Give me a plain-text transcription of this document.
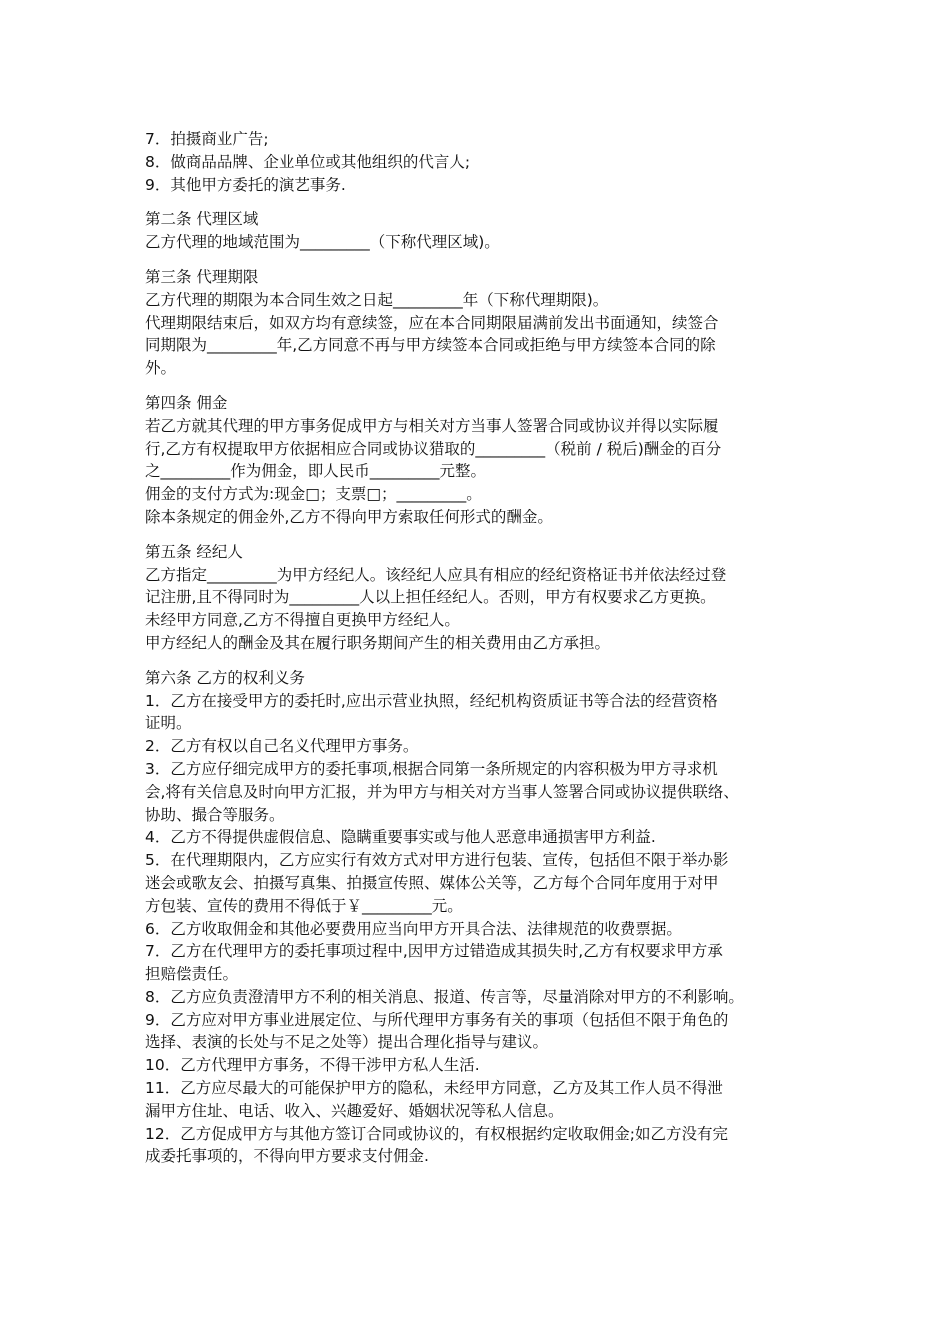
7．拍摄商业广告;
8．做商品品牌、企业单位或其他组织的代言人;
9．其他甲方委托的演艺事务.
第二条 代理区域
乙方代理的地域范围为_________（下称代理区域)。
第三条 代理期限
乙方代理的期限为本合同生效之日起_________年（下称代理期限)。
代理期限结束后，如双方均有意续签，应在本合同期限届满前发出书面通知，续签合
同期限为_________年,乙方同意不再与甲方续签本合同或拒绝与甲方续签本合同的除
外。
第四条 佣金
若乙方就其代理的甲方事务促成甲方与相关对方当事人签署合同或协议并得以实际履
行,乙方有权提取甲方依据相应合同或协议猎取的_________（税前 / 税后)酬金的百分
之_________作为佣金，即人民币_________元整。
佣金的支付方式为:现金□；支票□；_________。
除本条规定的佣金外,乙方不得向甲方索取任何形式的酬金。
第五条 经纪人
乙方指定_________为甲方经纪人。该经纪人应具有相应的经纪资格证书并依法经过登
记注册,且不得同时为_________人以上担任经纪人。否则，甲方有权要求乙方更换。
未经甲方同意,乙方不得擅自更换甲方经纪人。
甲方经纪人的酬金及其在履行职务期间产生的相关费用由乙方承担。
第六条 乙方的权利义务
1．乙方在接受甲方的委托时,应出示营业执照，经纪机构资质证书等合法的经营资格
证明。
2．乙方有权以自己名义代理甲方事务。
3．乙方应仔细完成甲方的委托事项,根据合同第一条所规定的内容积极为甲方寻求机
会,将有关信息及时向甲方汇报，并为甲方与相关对方当事人签署合同或协议提供联络、
协助、撮合等服务。
4．乙方不得提供虚假信息、隐瞒重要事实或与他人恶意串通损害甲方利益.
5．在代理期限内，乙方应实行有效方式对甲方进行包装、宣传，包括但不限于举办影
迷会或歌友会、拍摄写真集、拍摄宣传照、媒体公关等，乙方每个合同年度用于对甲
方包装、宣传的费用不得低于￥_________元。
6．乙方收取佣金和其他必要费用应当向甲方开具合法、法律规范的收费票据。
7．乙方在代理甲方的委托事项过程中,因甲方过错造成其损失时,乙方有权要求甲方承
担赔偿责任。
8．乙方应负责澄清甲方不利的相关消息、报道、传言等，尽量消除对甲方的不利影响。
9．乙方应对甲方事业进展定位、与所代理甲方事务有关的事项（包括但不限于角色的
选择、表演的长处与不足之处等）提出合理化指导与建议。
10．乙方代理甲方事务，不得干涉甲方私人生活.
11．乙方应尽最大的可能保护甲方的隐私，未经甲方同意，乙方及其工作人员不得泄
漏甲方住址、电话、收入、兴趣爱好、婚姻状况等私人信息。
12．乙方促成甲方与其他方签订合同或协议的，有权根据约定收取佣金;如乙方没有完
成委托事项的，不得向甲方要求支付佣金.
